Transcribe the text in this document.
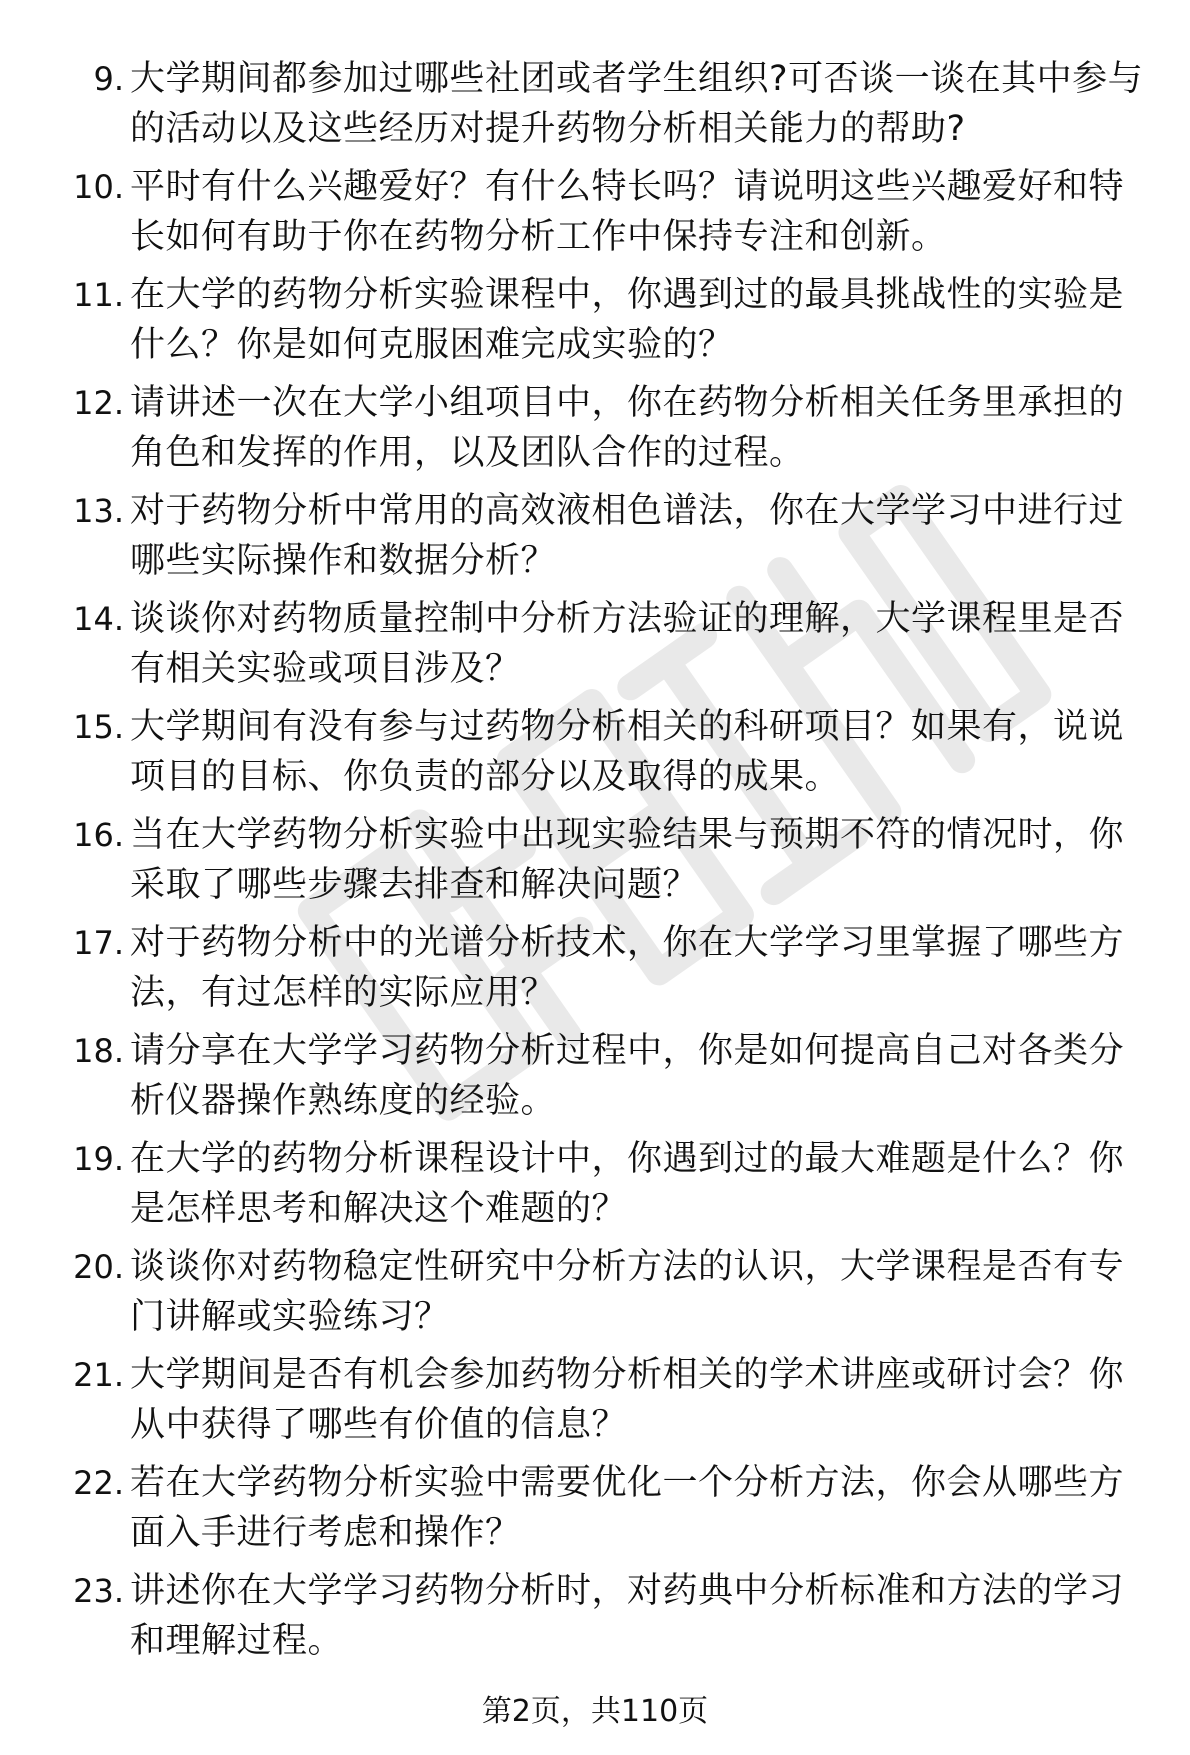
9. 大学期间都参加过哪些社团或者学生组织?可否谈一谈在其中参与的活动以及这些经历对提升药物分析相关能力的帮助?
10. 平时有什么兴趣爱好？有什么特长吗？请说明这些兴趣爱好和特长如何有助于你在药物分析工作中保持专注和创新。
11. 在大学的药物分析实验课程中，你遇到过的最具挑战性的实验是什么？你是如何克服困难完成实验的？
12. 请讲述一次在大学小组项目中，你在药物分析相关任务里承担的角色和发挥的作用，以及团队合作的过程。
13. 对于药物分析中常用的高效液相色谱法，你在大学学习中进行过哪些实际操作和数据分析？
14. 谈谈你对药物质量控制中分析方法验证的理解，大学课程里是否有相关实验或项目涉及？
15. 大学期间有没有参与过药物分析相关的科研项目？如果有，说说项目的目标、你负责的部分以及取得的成果。
16. 当在大学药物分析实验中出现实验结果与预期不符的情况时，你采取了哪些步骤去排查和解决问题？
17. 对于药物分析中的光谱分析技术，你在大学学习里掌握了哪些方法，有过怎样的实际应用？
18. 请分享在大学学习药物分析过程中，你是如何提高自己对各类分析仪器操作熟练度的经验。
19. 在大学的药物分析课程设计中，你遇到过的最大难题是什么？你是怎样思考和解决这个难题的？
20. 谈谈你对药物稳定性研究中分析方法的认识，大学课程是否有专门讲解或实验练习？
21. 大学期间是否有机会参加药物分析相关的学术讲座或研讨会？你从中获得了哪些有价值的信息？
22. 若在大学药物分析实验中需要优化一个分析方法，你会从哪些方面入手进行考虑和操作？
23. 讲述你在大学学习药物分析时，对药典中分析标准和方法的学习和理解过程。
第2页，共110页
